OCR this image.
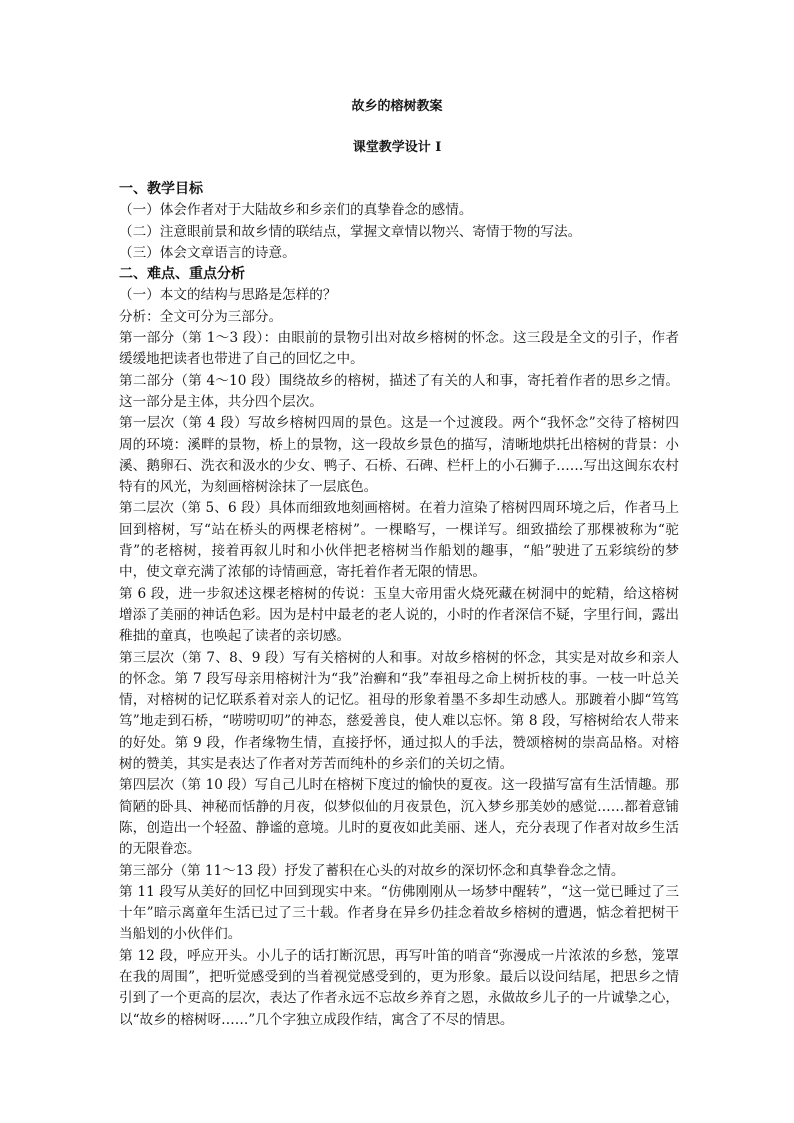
故乡的榕树教案
课堂教学设计 I
一、教学目标

（一）体会作者对于大陆故乡和乡亲们的真挚眷念的感情。

（二）注意眼前景和故乡情的联结点，掌握文章情以物兴、寄情于物的写法。

（三）体会文章语言的诗意。

二、难点、重点分析

（一）本文的结构与思路是怎样的？

分析：全文可分为三部分。

第一部分（第 1～3 段）：由眼前的景物引出对故乡榕树的怀念。这三段是全文的引子，作者缓缓地把读者也带进了自己的回忆之中。

第二部分（第 4～10 段）围绕故乡的榕树，描述了有关的人和事，寄托着作者的思乡之情。这一部分是主体，共分四个层次。

第一层次（第 4 段）写故乡榕树四周的景色。这是一个过渡段。两个“我怀念”交待了榕树四周的环境：溪畔的景物，桥上的景物，这一段故乡景色的描写，清晰地烘托出榕树的背景：小溪、鹅卵石、洗衣和汲水的少女、鸭子、石桥、石碑、栏杆上的小石狮子……写出这闽东农村特有的风光，为刻画榕树涂抹了一层底色。

第二层次（第 5、6 段）具体而细致地刻画榕树。在着力渲染了榕树四周环境之后，作者马上回到榕树，写“站在桥头的两棵老榕树”。一棵略写，一棵详写。细致描绘了那棵被称为“驼背”的老榕树，接着再叙儿时和小伙伴把老榕树当作船划的趣事，“船”驶进了五彩缤纷的梦中，使文章充满了浓郁的诗情画意，寄托着作者无限的情思。

第 6 段，进一步叙述这棵老榕树的传说：玉皇大帝用雷火烧死藏在树洞中的蛇精，给这榕树增添了美丽的神话色彩。因为是村中最老的老人说的，小时的作者深信不疑，字里行间，露出稚拙的童真，也唤起了读者的亲切感。

第三层次（第 7、8、9 段）写有关榕树的人和事。对故乡榕树的怀念，其实是对故乡和亲人的怀念。第 7 段写母亲用榕树汁为“我”治癣和“我”奉祖母之命上树折枝的事。一枝一叶总关情，对榕树的记忆联系着对亲人的记忆。祖母的形象着墨不多却生动感人。那踱着小脚“笃笃笃”地走到石桥，“唠唠叨叨”的神态，慈爱善良，使人难以忘怀。第 8 段，写榕树给农人带来的好处。第 9 段，作者缘物生情，直接抒怀，通过拟人的手法，赞颂榕树的崇高品格。对榕树的赞美，其实是表达了作者对芳苦而纯朴的乡亲们的关切之情。

第四层次（第 10 段）写自己儿时在榕树下度过的愉快的夏夜。这一段描写富有生活情趣。那简陋的卧具、神秘而恬静的月夜，似梦似仙的月夜景色，沉入梦乡那美妙的感觉……都着意铺陈，创造出一个轻盈、静谧的意境。儿时的夏夜如此美丽、迷人，充分表现了作者对故乡生活的无限眷恋。

第三部分（第 11～13 段）抒发了蓄积在心头的对故乡的深切怀念和真挚眷念之情。

第 11 段写从美好的回忆中回到现实中来。“仿佛刚刚从一场梦中醒转”，“这一觉已睡过了三十年”暗示离童年生活已过了三十载。作者身在异乡仍挂念着故乡榕树的遭遇，惦念着把树干当船划的小伙伴们。

第 12 段，呼应开头。小儿子的话打断沉思，再写叶笛的哨音“弥漫成一片浓浓的乡愁，笼罩在我的周围”，把听觉感受到的当着视觉感受到的，更为形象。最后以设问结尾，把思乡之情引到了一个更高的层次，表达了作者永远不忘故乡养育之恩，永做故乡儿子的一片诚挚之心，以“故乡的榕树呀……”几个字独立成段作结，寓含了不尽的情思。
